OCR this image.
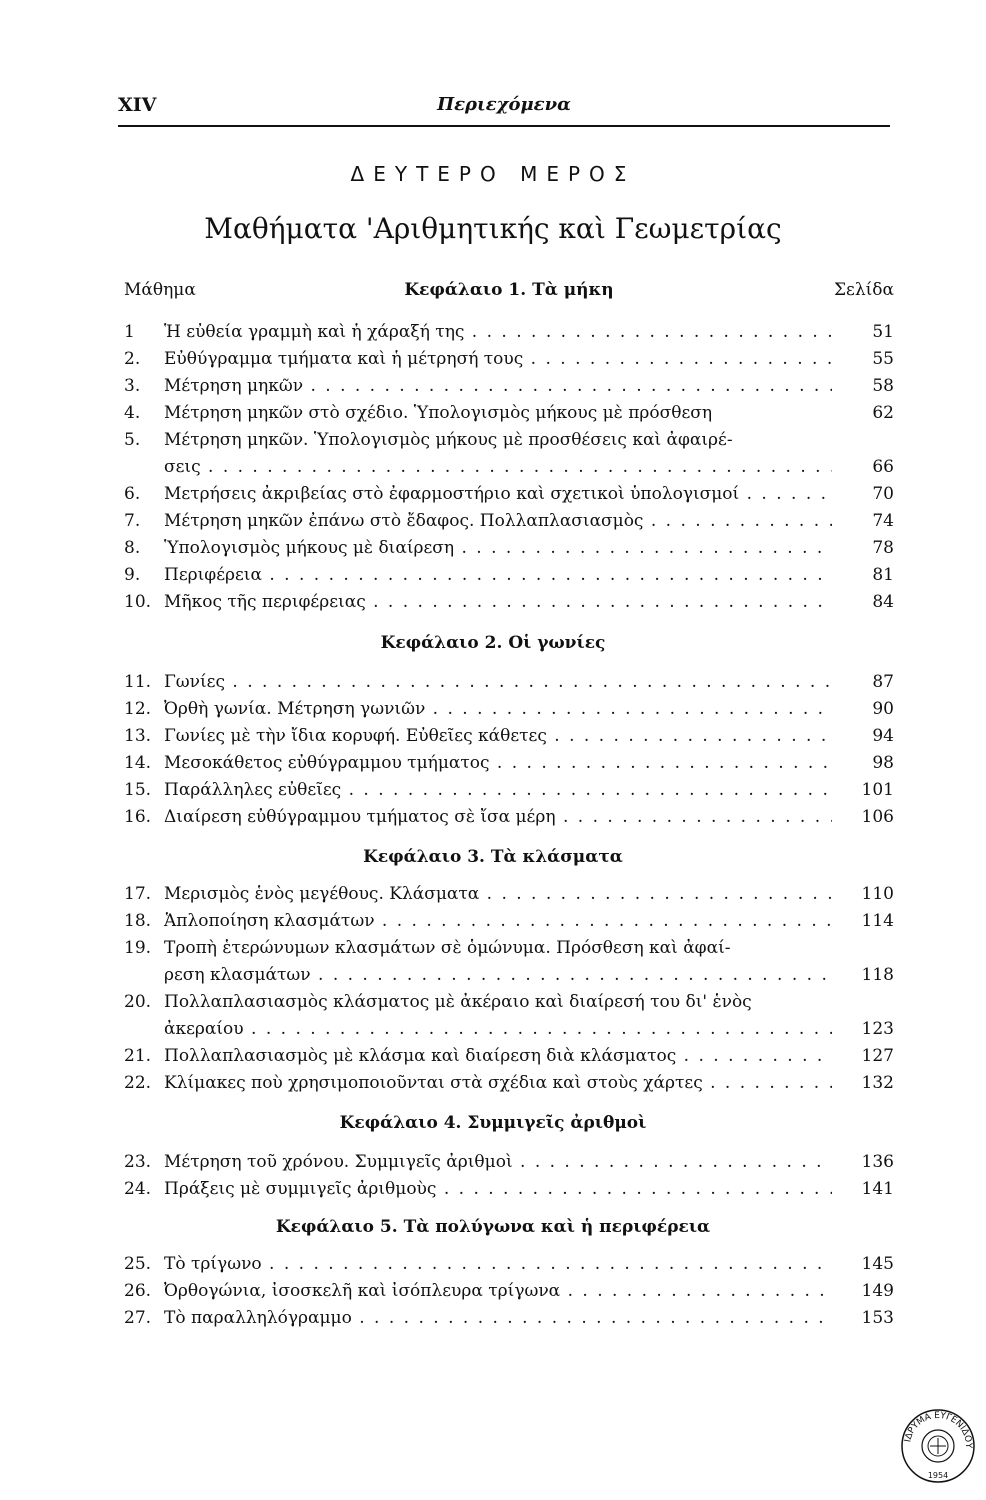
XIV	Περιεχόμενα
ΔΕΥΤΕΡΟ ΜΕΡΟΣ
Μαθήματα 'Αριθμητικής καὶ Γεωμετρίας
Μάθημα	Κεφάλαιο 1. Τὰ μήκη	Σελίδα
1	Ἡ εὐθεία γραμμὴ καὶ ἡ χάραξή της . . .	51
2.	Εὐθύγραμμα τμήματα καὶ ἡ μέτρησή τους . . .	55
3.	Μέτρηση μηκῶν . . .	58
4.	Μέτρηση μηκῶν στὸ σχέδιο. Ὑπολογισμὸς μήκους μὲ πρόσθεση	62
5.	Μέτρηση μηκῶν. Ὑπολογισμὸς μήκους μὲ προσθέσεις καὶ ἀφαιρέ-
σεις . . .	66
6.	Μετρήσεις ἀκριβείας στὸ ἐφαρμοστήριο καὶ σχετικοὶ ὑπολογισμοί . . .	70
7.	Μέτρηση μηκῶν ἐπάνω στὸ ἔδαφος. Πολλαπλασιασμὸς . . .	74
8.	Ὑπολογισμὸς μήκους μὲ διαίρεση . . .	78
9.	Περιφέρεια . . .	81
10. Μῆκος τῆς περιφέρειας . . .	84
Κεφάλαιο 2. Οἱ γωνίες
11. Γωνίες . . .	87
12. Ὀρθὴ γωνία. Μέτρηση γωνιῶν . . .	90
13. Γωνίες μὲ τὴν ἴδια κορυφή. Εὐθεῖες κάθετες . . .	94
14. Μεσοκάθετος εὐθύγραμμου τμήματος . . .	98
15. Παράλληλες εὐθεῖες . . .	101
16. Διαίρεση εὐθύγραμμου τμήματος σὲ ἴσα μέρη . . .	106
Κεφάλαιο 3. Τὰ κλάσματα
17. Μερισμὸς ἑνὸς μεγέθους. Κλάσματα . . .	110
18. Ἁπλοποίηση κλασμάτων . . .	114
19. Τροπὴ ἑτερώνυμων κλασμάτων σὲ ὁμώνυμα. Πρόσθεση καὶ ἀφαί-
ρεση κλασμάτων . . .	118
20. Πολλαπλασιασμὸς κλάσματος μὲ ἀκέραιο καὶ διαίρεσή του δι' ἑνὸς
ἀκεραίου . . .	123
21. Πολλαπλασιασμὸς μὲ κλάσμα καὶ διαίρεση διὰ κλάσματος . . .	127
22. Κλίμακες ποὺ χρησιμοποιοῦνται στὰ σχέδια καὶ στοὺς χάρτες . . .	132
Κεφάλαιο 4. Συμμιγεῖς ἀριθμοὶ
23. Μέτρηση τοῦ χρόνου. Συμμιγεῖς ἀριθμοὶ . . .	136
24. Πράξεις μὲ συμμιγεῖς ἀριθμοὺς . . .	141
Κεφάλαιο 5. Τὰ πολύγωνα καὶ ἡ περιφέρεια
25. Τὸ τρίγωνο . . .	145
26. Ὀρθογώνια, ἰσοσκελῆ καὶ ἰσόπλευρα τρίγωνα . . .	149
27. Τὸ παραλληλόγραμμο . . .	153
ΙΔΡΥΜΑ ΕΥΓΕΝΙΔΟΥ
1954
